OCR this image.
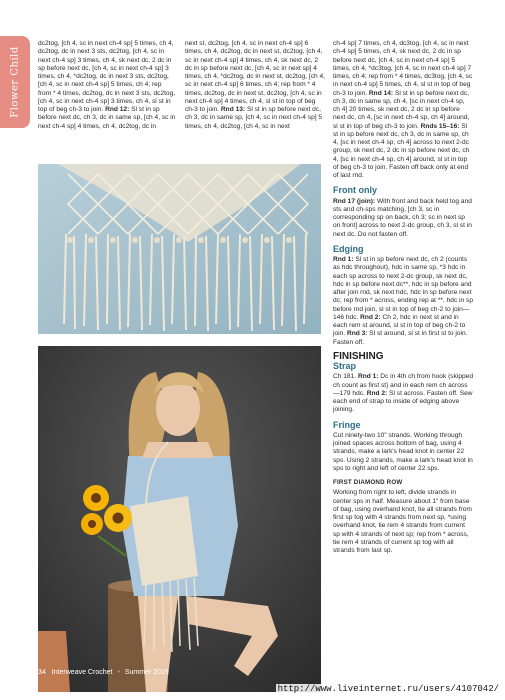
Flower Child

dc2tog, [ch 4, sc in next ch-4 sp] 5 times, ch 4, dc2tog, dc in next 3 sts, dc2tog, [ch 4, sc in next ch-4 sp] 3 times, ch 4, sk next dc, 2 dc in sp before next dc, [ch 4, sc in next ch-4 sp] 3 times, ch 4, *dc2tog, dc in next 3 sts, dc2tog, [ch 4, sc in next ch-4 sp] 5 times, ch 4; rep from * 4 times, dc2tog, dc in next 3 sts, dc2tog, [ch 4, sc in next ch-4 sp] 3 times, ch 4, sl st in top of beg ch-3 to join. Rnd 12: Sl st in sp before next dc, ch 3, dc in same sp, [ch 4, sc in next ch-4 sp] 4 times, ch 4, dc2tog, dc in

next st, dc2tog, [ch 4, sc in next ch-4 sp] 6 times, ch 4, dc2tog, dc in next st, dc2tog, [ch 4, sc in next ch-4 sp] 4 times, ch 4, sk next dc, 2 dc in sp before next dc, [ch 4, sc in next sp] 4 times, ch 4, *dc2tog, dc in next st, dc2tog, [ch 4, sc in next ch-4 sp] 6 times, ch 4; rep from * 4 times, dc2tog, dc in next st, dc2tog, [ch 4, sc in next ch-4 sp] 4 times, ch 4, sl st in top of beg ch-3 to join. Rnd 13: Sl st in sp before next dc, ch 3, dc in same sp, [ch 4, sc in next ch-4 sp] 5 times, ch 4, dc2tog, [ch 4, sc in next

ch-4 sp] 7 times, ch 4, dc3tog, [ch 4, sc in next ch-4 sp] 5 times, ch 4, sk next dc, 2 dc in sp before next dc, [ch 4, sc in next ch-4 sp] 5 times, ch 4, *dc3tog, [ch 4, sc in next ch-4 sp] 7 times, ch 4; rep from * 4 times, dc3tog, [ch 4, sc in next ch-4 sp] 5 times, ch 4, sl st in top of beg ch-3 to join. Rnd 14: Sl st in sp before next dc, ch 3, dc in same sp, ch 4, [sc in next ch-4 sp, ch 4] 20 times, sk next dc, 2 dc in sp before next dc, ch 4, [sc in next ch-4 sp, ch 4] around, sl st in top of beg ch-3 to join. Rnds 15–16: Sl st in sp before next dc, ch 3, dc in same sp, ch 4, [sc in next ch-4 sp, ch 4] across to next 2-dc group, sk next dc, 2 dc in sp before next dc, ch 4, [sc in next ch-4 sp, ch 4] around, sl st in top of beg ch-3 to join. Fasten off back only at end of last rnd.

Front only

Rnd 17 (join): With front and back held tog and sts and ch-sps matching, [ch 3, sc in corresponding sp on back, ch 3; sc in next sp on front] across to next 2-dc group, ch 3, sl st in next dc. Do not fasten off.

Edging

Rnd 1: Sl st in sp before next dc, ch 2 (counts as hdc throughout), hdc in same sp, *3 hdc in each sp across to next 2-dc group, sk next dc, hdc in sp before next dc**, hdc in sp before and after join rnd, sk next hdc, hdc in sp before next dc; rep from * across, ending rep at **, hdc in sp before rnd join, sl st in top of beg ch-2 to join—146 hdc. Rnd 2: Ch 2, hdc in next st and in each rem st around, sl st in top of beg ch-2 to join. Rnd 3: Sl st around, sl st in first st to join. Fasten off.

FINISHING
Strap

Ch 181. Rnd 1: Dc in 4th ch from hook (skipped ch count as first st) and in each rem ch across—179 hdc. Rnd 2: Sl st across. Fasten off. Sew each end of strap to inside of edging above joining.

Fringe

Cut ninety-two 10" strands. Working through joined spaces across bottom of bag, using 4 strands, make a lark's head knot in center 22 sps. Using 2 strands, make a lark's head knot in sps to right and left of center 22 sps.

FIRST DIAMOND ROW

Working from right to left, divide strands in center sps in half. Measure about 1" from base of bag, using overhand knot, tie all strands from first sp tog with 4 strands from next sp, *using overhand knot, tie rem 4 strands from current sp with 4 strands of next sp; rep from * across, tie rem 4 strands of current sp tog with all strands from last sp.

34 Interweave Crochet • Summer 2019
http://www.liveinternet.ru/users/4107042/
